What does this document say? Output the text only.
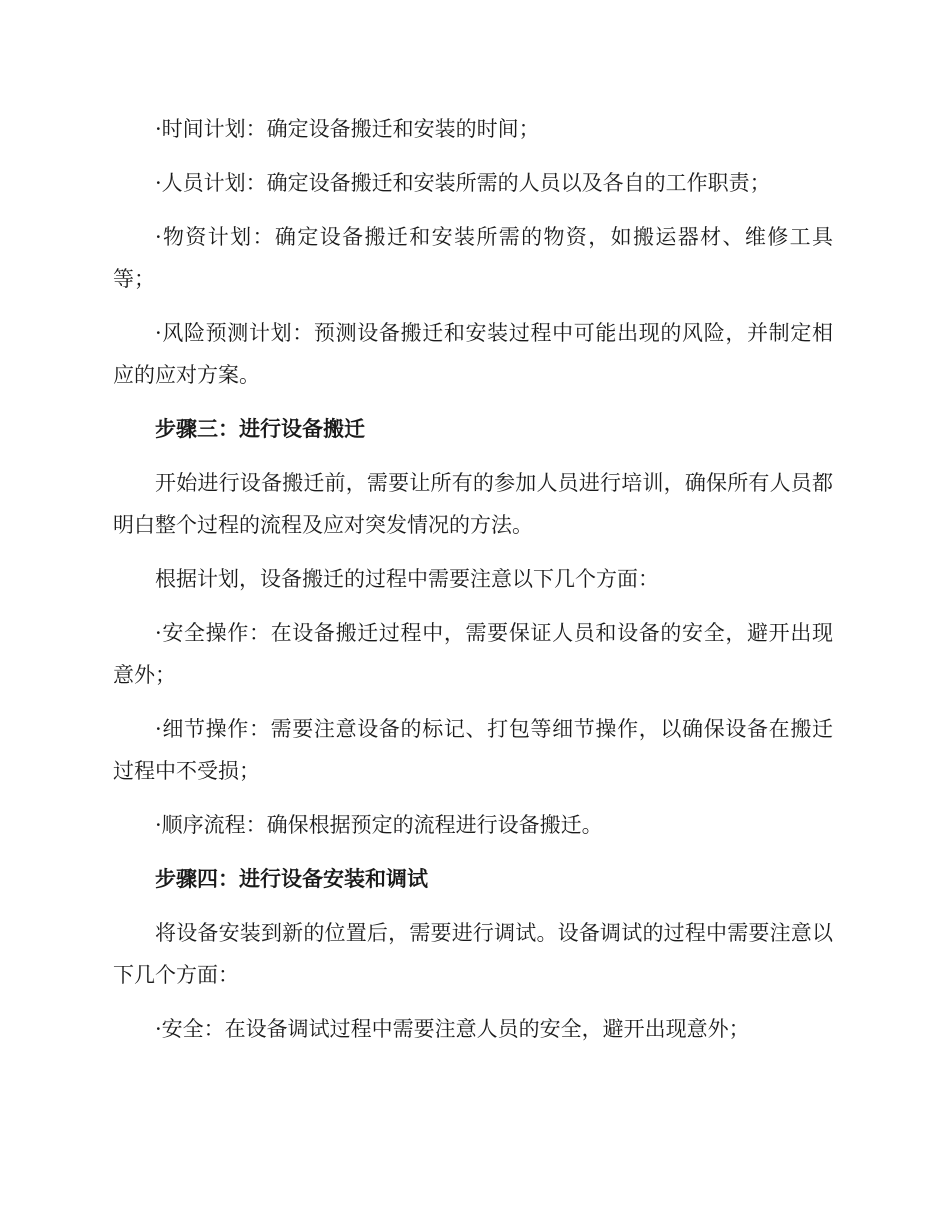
·时间计划：确定设备搬迁和安装的时间；

·人员计划：确定设备搬迁和安装所需的人员以及各自的工作职责；

·物资计划：确定设备搬迁和安装所需的物资，如搬运器材、维修工具等；

·风险预测计划：预测设备搬迁和安装过程中可能出现的风险，并制定相应的应对方案。

步骤三：进行设备搬迁

开始进行设备搬迁前，需要让所有的参加人员进行培训，确保所有人员都明白整个过程的流程及应对突发情况的方法。

根据计划，设备搬迁的过程中需要注意以下几个方面：

·安全操作：在设备搬迁过程中，需要保证人员和设备的安全，避开出现意外；

·细节操作：需要注意设备的标记、打包等细节操作，以确保设备在搬迁过程中不受损；

·顺序流程：确保根据预定的流程进行设备搬迁。

步骤四：进行设备安装和调试

将设备安装到新的位置后，需要进行调试。设备调试的过程中需要注意以下几个方面：

·安全：在设备调试过程中需要注意人员的安全，避开出现意外；
